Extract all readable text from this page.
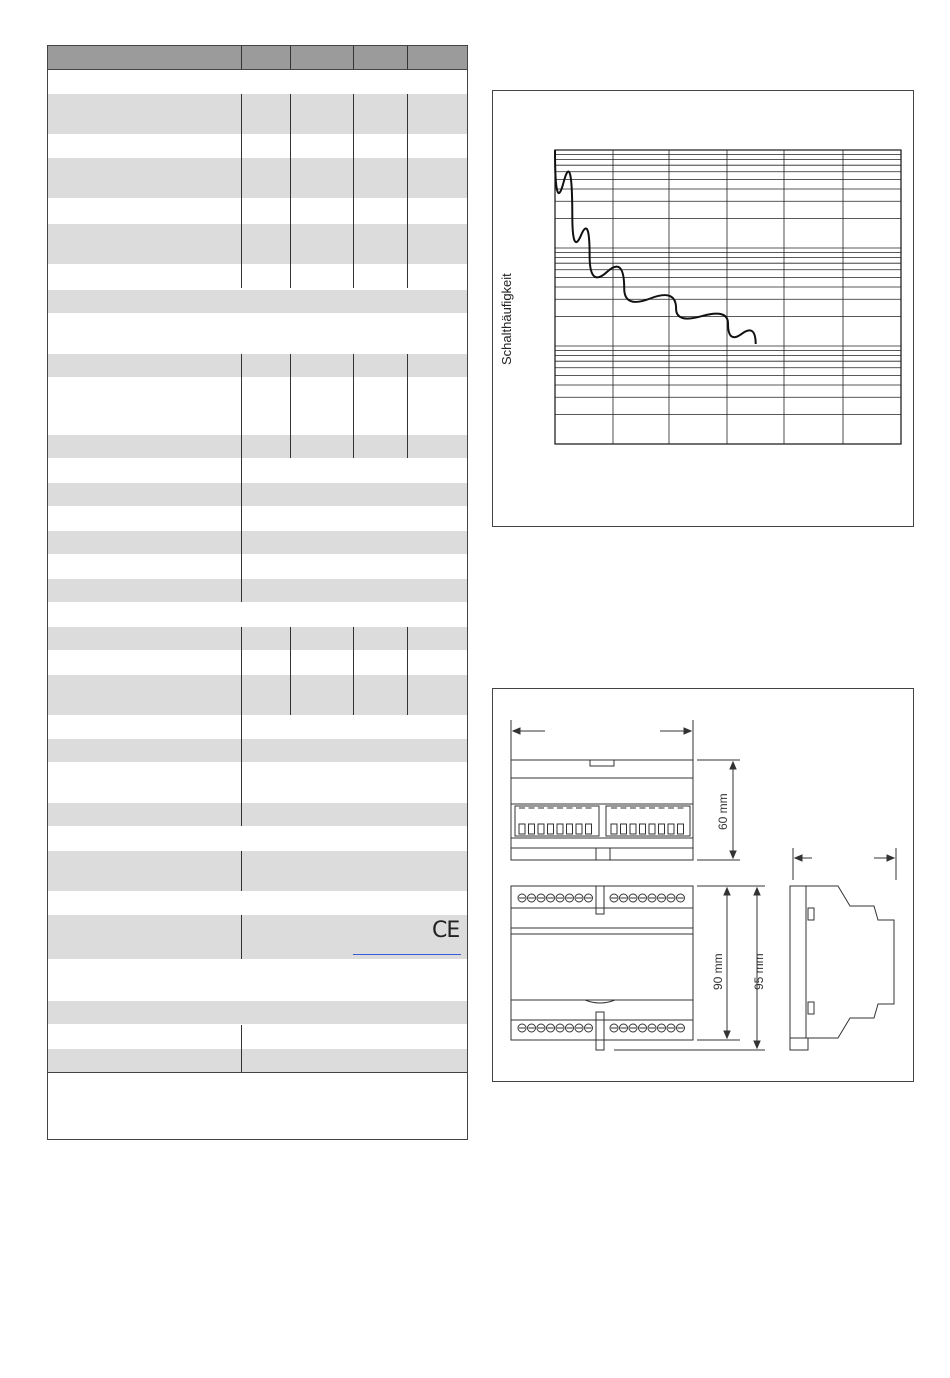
CE
Schalthäufigkeit
60 mm
90 mm 95 mm
